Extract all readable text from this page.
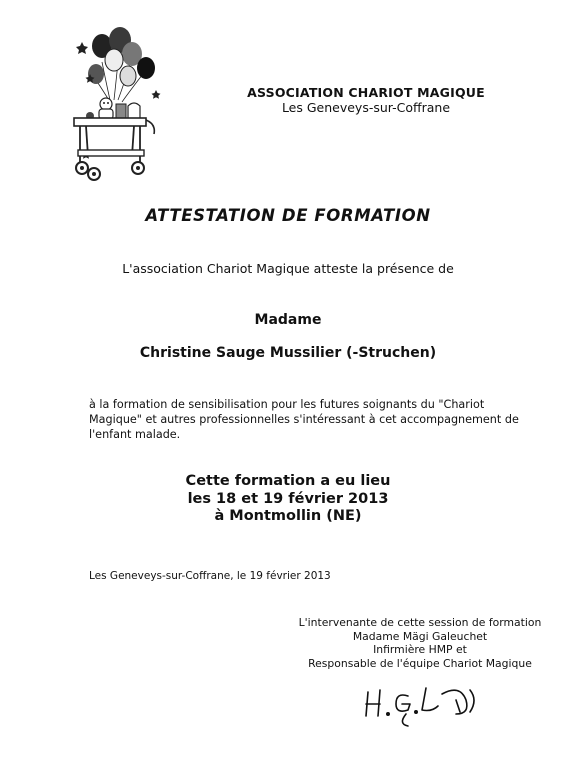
ASSOCIATION CHARIOT MAGIQUE
Les Geneveys-sur-Coffrane
ATTESTATION DE FORMATION
L'association Chariot Magique atteste la présence de
Madame
Christine Sauge Mussilier (-Struchen)
à la formation de sensibilisation pour les futures soignants du "Chariot Magique" et autres professionnelles s'intéressant à cet accompagnement de l'enfant malade.
Cette formation a eu lieu
les 18 et 19 février 2013
à Montmollin (NE)
Les Geneveys-sur-Coffrane, le 19 février 2013
L'intervenante de cette session de formation
Madame Mägi Galeuchet
Infirmière HMP et
Responsable de l'équipe Chariot Magique
